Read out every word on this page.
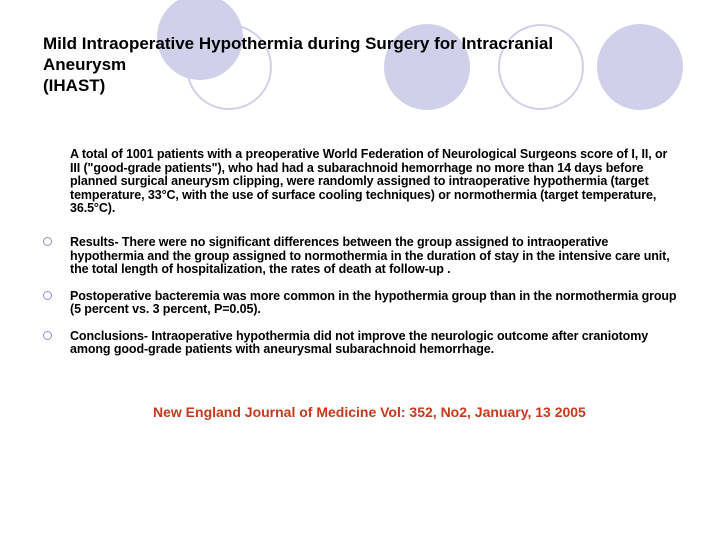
Mild Intraoperative Hypothermia during Surgery for Intracranial
Aneurysm
(IHAST)

A total of 1001 patients with a preoperative World Federation of Neurological Surgeons score of I, II, or III ("good-grade patients"), who had had a subarachnoid hemorrhage no more than 14 days before planned surgical aneurysm clipping, were randomly assigned to intraoperative hypothermia (target temperature, 33°C, with the use of surface cooling techniques) or normothermia (target temperature, 36.5°C).

Results- There were no significant differences between the group assigned to intraoperative hypothermia and the group assigned to normothermia in the duration of stay in the intensive care unit, the total length of hospitalization, the rates of death at follow-up .
Postoperative bacteremia was more common in the hypothermia group than in the normothermia group (5 percent vs. 3 percent, P=0.05).
Conclusions- Intraoperative hypothermia did not improve the neurologic outcome after craniotomy among good-grade patients with aneurysmal subarachnoid hemorrhage.

New England Journal of Medicine Vol: 352, No2, January, 13 2005
